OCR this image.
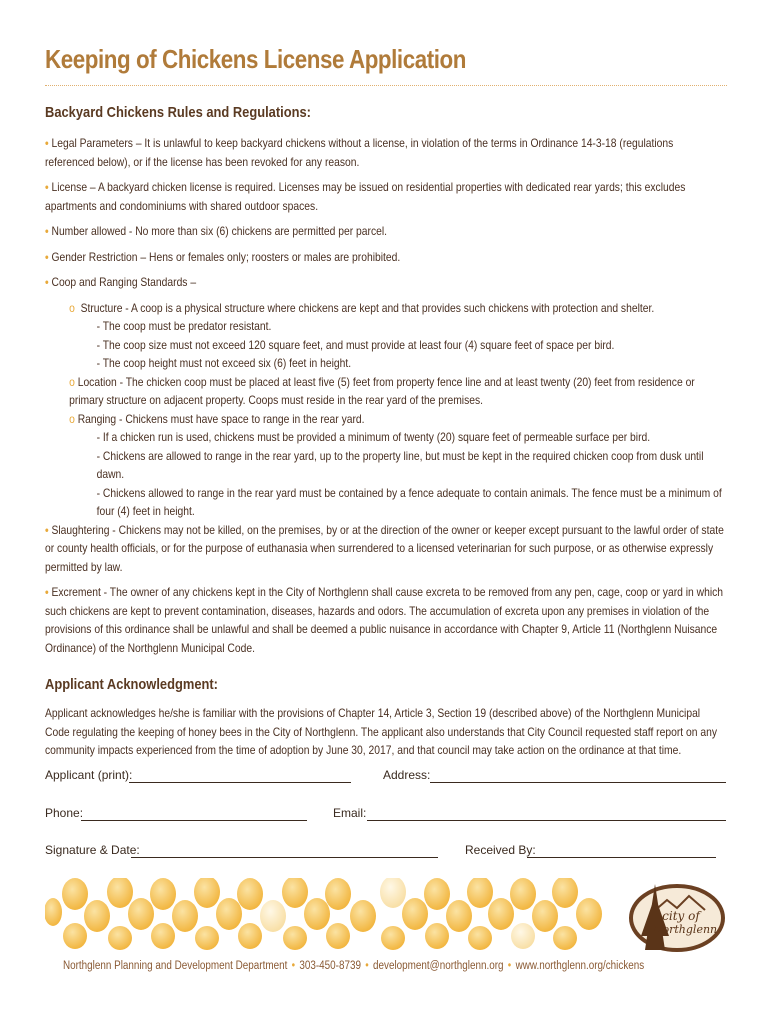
Keeping of Chickens License Application
Backyard Chickens Rules and Regulations:

• Legal Parameters – It is unlawful to keep backyard chickens without a license, in violation of the terms in Ordinance 14-3-18 (regulations referenced below), or if the license has been revoked for any reason.

• License – A backyard chicken license is required. Licenses may be issued on residential properties with dedicated rear yards; this excludes apartments and condominiums with shared outdoor spaces.

• Number allowed - No more than six (6) chickens are permitted per parcel.

• Gender Restriction – Hens or females only; roosters or males are prohibited.

• Coop and Ranging Standards –

o Structure - A coop is a physical structure where chickens are kept and that provides such chickens with protection and shelter.

- The coop must be predator resistant.

- The coop size must not exceed 120 square feet, and must provide at least four (4) square feet of space per bird.

- The coop height must not exceed six (6) feet in height.

o Location - The chicken coop must be placed at least five (5) feet from property fence line and at least twenty (20) feet from residence or primary structure on adjacent property. Coops must reside in the rear yard of the premises.

o Ranging - Chickens must have space to range in the rear yard.

- If a chicken run is used, chickens must be provided a minimum of twenty (20) square feet of permeable surface per bird.

- Chickens are allowed to range in the rear yard, up to the property line, but must be kept in the required chicken coop from dusk until dawn.

- Chickens allowed to range in the rear yard must be contained by a fence adequate to contain animals. The fence must be a minimum of four (4) feet in height.

• Slaughtering - Chickens may not be killed, on the premises, by or at the direction of the owner or keeper except pursuant to the lawful order of state or county health officials, or for the purpose of euthanasia when surrendered to a licensed veterinarian for such purpose, or as otherwise expressly permitted by law.

• Excrement - The owner of any chickens kept in the City of Northglenn shall cause excreta to be removed from any pen, cage, coop or yard in which such chickens are kept to prevent contamination, diseases, hazards and odors. The accumulation of excreta upon any premises in violation of the provisions of this ordinance shall be unlawful and shall be deemed a public nuisance in accordance with Chapter 9, Article 11 (Northglenn Nuisance Ordinance) of the Northglenn Municipal Code.

Applicant Acknowledgment:

Applicant acknowledges he/she is familiar with the provisions of Chapter 14, Article 3, Section 19 (described above) of the Northglenn Municipal Code regulating the keeping of honey bees in the City of Northglenn. The applicant also understands that City Council requested staff report on any community impacts experienced from the time of adoption by June 30, 2017, and that council may take action on the ordinance at that time.

Applicant (print):	Address:
Phone:	Email:
Signature & Date:	Received By:
city of
Northglenn
Northglenn Planning and Development Department • 303-450-8739 • development@northglenn.org • www.northglenn.org/chickens
